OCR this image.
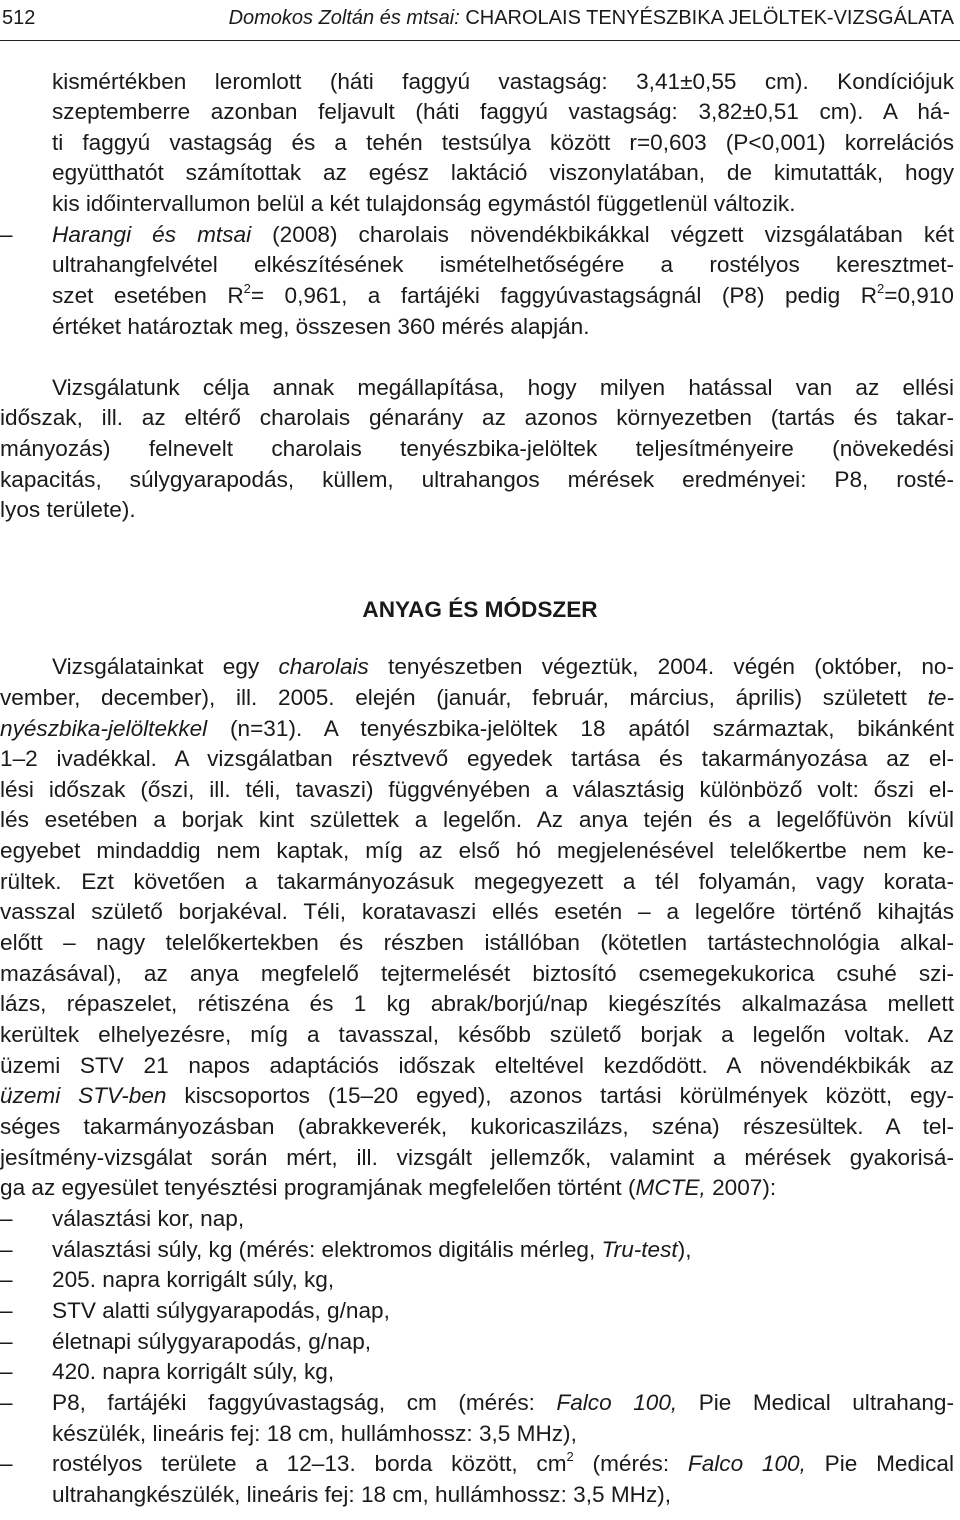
512	Domokos Zoltán és mtsai: CHAROLAIS TENYÉSZBIKA JELÖLTEK-VIZSGÁLATA
kismértékben leromlott (háti faggyú vastagság: 3,41±0,55 cm). Kondíciójuk
szeptemberre azonban feljavult (háti faggyú vastagság: 3,82±0,51 cm). A há-
ti faggyú vastagság és a tehén testsúlya között r=0,603 (P<0,001) korrelációs
együtthatót számítottak az egész laktáció viszonylatában, de kimutatták, hogy
kis időintervallumon belül a két tulajdonság egymástól függetlenül változik.
– Harangi és mtsai (2008) charolais növendékbikákkal végzett vizsgálatában két
ultrahangfelvétel elkészítésének ismételhetőségére a rostélyos keresztmet-
szet esetében $R^2= 0,961$, a fartájéki faggyúvastagságnál (P8) pedig $R^2=0,910$
értéket határoztak meg, összesen 360 mérés alapján.
Vizsgálatunk célja annak megállapítása, hogy milyen hatással van az ellési
időszak, ill. az eltérő charolais génarány az azonos környezetben (tartás és takar-
mányozás) felnevelt charolais tenyészbika-jelöltek teljesítményeire (növekedési
kapacitás, súlygyarapodás, küllem, ultrahangos mérések eredményei: P8, rosté-
lyos területe).
ANYAG ÉS MÓDSZER
Vizsgálatainkat egy charolais tenyészetben végeztük, 2004. végén (október, no-
vember, december), ill. 2005. elején (január, február, március, április) született te-
nyészbika-jelöltekkel (n=31). A tenyészbika-jelöltek 18 apától származtak, bikánként
1–2 ivadékkal. A vizsgálatban résztvevő egyedek tartása és takarmányozása az el-
lési időszak (őszi, ill. téli, tavaszi) függvényében a választásig különböző volt: őszi el-
lés esetében a borjak kint születtek a legelőn. Az anya tején és a legelőfüvön kívül
egyebet mindaddig nem kaptak, míg az első hó megjelenésével telelőkertbe nem ke-
rültek. Ezt követően a takarmányozásuk megegyezett a tél folyamán, vagy korata-
vasszal születő borjakéval. Téli, koratavaszi ellés esetén – a legelőre történő kihajtás
előtt – nagy telelőkertekben és részben istállóban (kötetlen tartástechnológia alkal-
mazásával), az anya megfelelő tejtermelését biztosító csemegekukorica csuhé szi-
lázs, répaszelet, rétiszéna és 1 kg abrak/borjú/nap kiegészítés alkalmazása mellett
kerültek elhelyezésre, míg a tavasszal, később születő borjak a legelőn voltak. Az
üzemi STV 21 napos adaptációs időszak elteltével kezdődött. A növendékbikák az
üzemi STV-ben kiscsoportos (15–20 egyed), azonos tartási körülmények között, egy-
séges takarmányozásban (abrakkeverék, kukoricaszilázs, széna) részesültek. A tel-
jesítmény-vizsgálat során mért, ill. vizsgált jellemzők, valamint a mérések gyakorisá-
ga az egyesület tenyésztési programjának megfelelően történt (MCTE, 2007):
– választási kor, nap,
– választási súly, kg (mérés: elektromos digitális mérleg, Tru-test),
– 205. napra korrigált súly, kg,
– STV alatti súlygyarapodás, g/nap,
– életnapi súlygyarapodás, g/nap,
– 420. napra korrigált súly, kg,
– P8, fartájéki faggyúvastagság, cm (mérés: Falco 100, Pie Medical ultrahang-
készülék, lineáris fej: 18 cm, hullámhossz: 3,5 MHz),
– rostélyos területe a 12–13. borda között, $cm^2$ (mérés: Falco 100, Pie Medical
ultrahangkészülék, lineáris fej: 18 cm, hullámhossz: 3,5 MHz),
